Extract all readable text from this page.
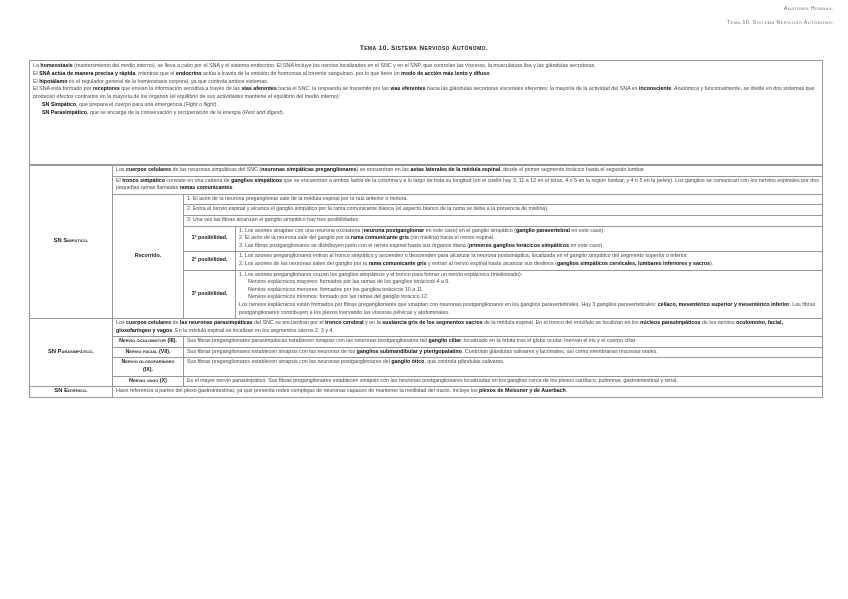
Anatomía Humana.
Tema 10. Sistema Nervioso Autónomo.
Tema 10. Sistema Nervioso Autónomo.

La homeostasis (mantenimiento del medio interno), se lleva a cabo por el SNA y el sistema endocrino. El SNA incluye los nervios localizados en el SNC y en el SNP, que controlan las vísceras, la musculatura lisa y las glándulas secretoras.

El SNA actúa de manera precisa y rápida, mientras que el endocrino actúa a través de la emisión de hormonas al torrente sanguíneo, por lo que tiene un modo de acción más lento y difuso.

El hipotálamo es el regulador general de la homeostasis corporal, ya que controla ambos sistemas.

El SNA está formado por receptores que envían la información sensitiva a través de las vías aferentes hacia el SNC; la respuesta se transmite por las vías eferentes hacia las glándulas secretoras viscerales eferentes; la mayoría de la actividad del SNA es inconsciente. Anatómica y funcionalmente, se divide en dos sistemas que producen efectos contrarios en la mayoría de los órganos (el equilibrio de sus actividades mantiene el equilibrio del medio interno):

SN Simpático, que prepara el cuerpo para una emergencia (Fight o flight).

SN Parasimpático, que se encarga de la conservación y recuperación de la energía (Rest and digest).

SN Simpático.	Los cuerpos celulares de las neuronas simpáticas del SNC (neuronas simpáticas preganglionares) se encuentran en las astas laterales de la médula espinal, desde el primer segmento torácico hasta el segundo lumbar.		
	El tronco simpático consiste en una cadena de ganglios simpáticos que se encuentran a ambos lados de la columna y a lo largo de toda su longitud (en el cuello hay 3, 11 a 12 en el tórax, 4 o 5 en la región lumbar, y 4 o 5 en la pelvis). Los ganglios se comunican con los nervios espinales por dos pequeñas ramas llamadas ramas comunicantes.		
	Recorrido.	1. El axón de la neurona preganglionar sale de la médula espinal por la raíz anterior o motora.	
		2. Entra al nervio espinal y alcanza el ganglio simpático por la rama comunicante blanca (el aspecto blanco de la rama se debe a la presencia de mielina).	
		3. Una vez las fibras alcanzan el ganglio simpático hay tres posibilidades:	
		1ª posibilidad.	1. Los axones sinaptan con una neurona excitatoria (neurona postganglionar en este caso) en el ganglio simpático (ganglio paravertebral en este caso).

2. El axón de la neurona sale del ganglio por la rama comunicante gris (sin mielina) hacia el nervio espinal.

3. Las fibras postganglionares se distribuyen junto con el nervio espinal hasta sus órganos diana (primeros ganglios torácicos simpáticos en este caso).

		2ª posibilidad.	1. Los axones preganglionares entran al tronco simpático y ascienden o descienden para alcanzar la neurona postsináptica, localizada en el ganglio simpático del segmento superior o inferior.

2. Los axones de las neuronas salen del ganglio por la rama comunicante gris y entran al nervio espinal hasta alcanzar sus destinos (ganglios simpáticos cervicales, lumbares inferiores y sacros).

		3ª posibilidad.	1. Los axones preganglionares cruzan los ganglios simpáticos y el tronco para formar un nervio esplácnico (mielinizado):

Nervios esplácnicos mayores: formados por las ramas de los ganglios torácicos 4 a 9.

Nervios esplácnicos menores: formados por los ganglios torácicos 10 a 11.

Nervios esplácnicos mínimos: formado por las ramas del ganglio torácico 12.

Los nervios esplácnicos están formados por fibras preganglionares que sinaptan con neuronas postganglionares en los ganglios paravertebrales. Hay 3 ganglios paravertebrales: celíaco, mesentérico superior y mesentérico inferior. Las fibras postganglionares contribuyen a los plexos inervando las vísceras pélvicas y abdominales.

SN Parasimpático.	Los cuerpos celulares de las neuronas parasimpáticas del SNC se encuentran por el tronco cerebral y en la sustancia gris de los segmentos sacros de la médula espinal. En el tronco del encéfalo se localizan en los núcleos parasimpáticos de los nervios oculomotor, facial, glosofaríngeo y vagos. En la médula espinal se localizan en los segmentos sacros 2, 3 y 4.		
	Nervio oculomotor (III).	Sus fibras preganglionares parasimpáticas establecen sinapsis con las neuronas postganglionares del ganglio ciliar, localizado en la órbita tras el globo ocular. Inervan el iris y el cuerpo ciliar.	
	Nervio facial (VII).	Sus fibras preganglionares establecen sinapsis con las neuronas de los ganglios submandibular y pterigopalatino. Controlan glándulas salivares y lacrimales, así como membranas mucosas orales.	
	Nervio glosofaríngeo (IX).	Sus fibras preganglionares establecen sinapsis con las neuronas postganglionares del ganglio ótico, que controla glándulas salivares.	
	Nervio vago (X)	Es el mayor nervio parasimpático. Sus fibras preganglionares establecen sinapsis con las neuronas postganglionares localizadas en los ganglios cerca de los plexos cardíaco, pulmonar, gastrointestinal y renal.	
SN Entérico.	Hace referencia a partes del plexo gastrointestinal, ya que presenta redes complejas de neuronas capaces de mantener la motilidad del tracto. Incluye los plexos de Meissner y de Auerbach.		
